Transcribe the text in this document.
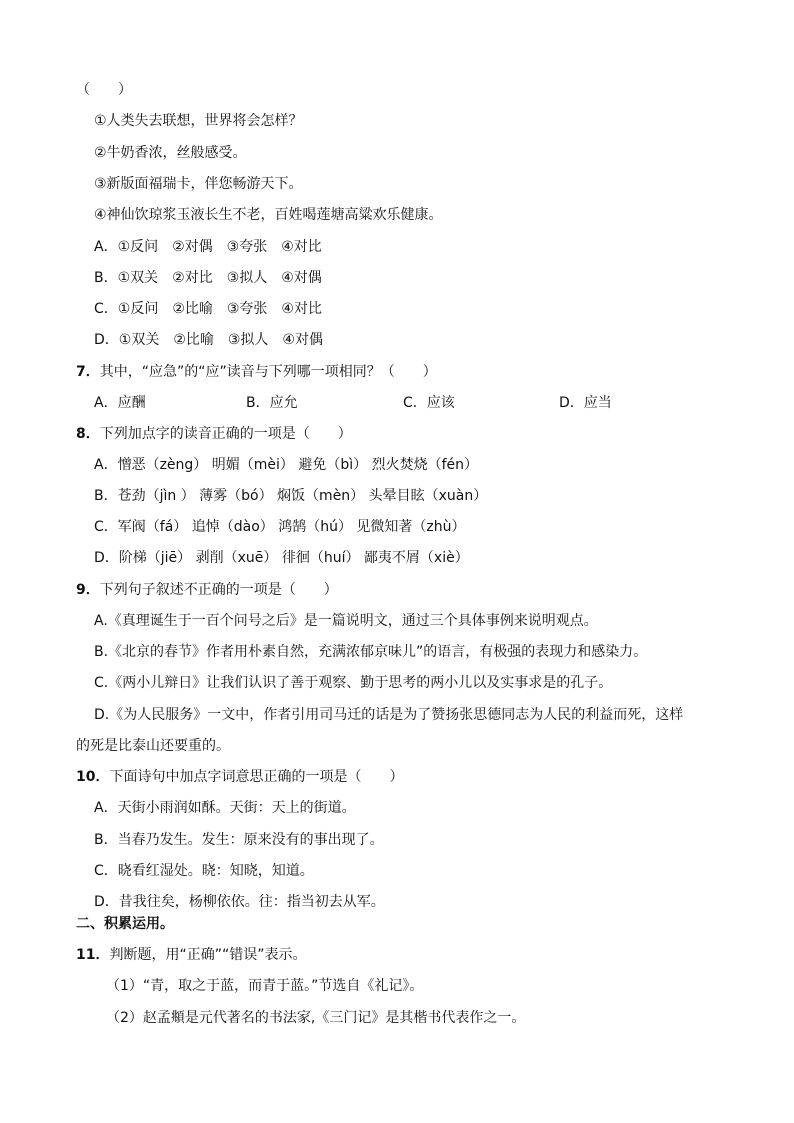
（　　）
①人类失去联想，世界将会怎样？
②牛奶香浓，丝般感受。
③新版面福瑞卡，伴您畅游天下。
④神仙饮琼浆玉液长生不老，百姓喝莲塘高粱欢乐健康。
A．①反问　②对偶　③夸张　④对比
B．①双关　②对比　③拟人　④对偶
C．①反问　②比喻　③夸张　④对比
D．①双关　②比喻　③拟人　④对偶
7．其中，“应急”的“应”读音与下列哪一项相同？（　　）
A．应酬	B．应允	C．应该	D．应当
8．下列加点字的读音正确的一项是（　　）
A．憎恶（zèng） 明媚（mèi） 避免（bì） 烈火焚烧（fén）
B．苍劲（jìn ） 薄雾（bó） 焖饭（mèn） 头晕目眩（xuàn）
C．军阀（fá） 追悼（dào） 鸿鹄（hú） 见微知著（zhù）
D．阶梯（jiē） 剥削（xuē） 徘徊（huí） 鄙夷不屑（xiè）
9．下列句子叙述不正确的一项是（　　）
A.《真理诞生于一百个问号之后》是一篇说明文，通过三个具体事例来说明观点。
B.《北京的春节》作者用朴素自然，充满浓郁京味儿”的语言，有极强的表现力和感染力。
C.《两小儿辩日》让我们认识了善于观察、勤于思考的两小儿以及实事求是的孔子。
D.《为人民服务》一文中，作者引用司马迁的话是为了赞扬张思德同志为人民的利益而死，这样
的死是比泰山还要重的。
10．下面诗句中加点字词意思正确的一项是（　　）
A．天街小雨润如酥。天街：天上的街道。
B．当春乃发生。发生：原来没有的事出现了。
C．晓看红湿处。晓：知晓，知道。
D．昔我往矣，杨柳依依。往：指当初去从军。
二、积累运用。
11．判断题，用“正确”“错误”表示。
（1）“青，取之于蓝，而青于蓝。”节选自《礼记》。
（2）赵孟頫是元代著名的书法家,《三门记》是其楷书代表作之一。
